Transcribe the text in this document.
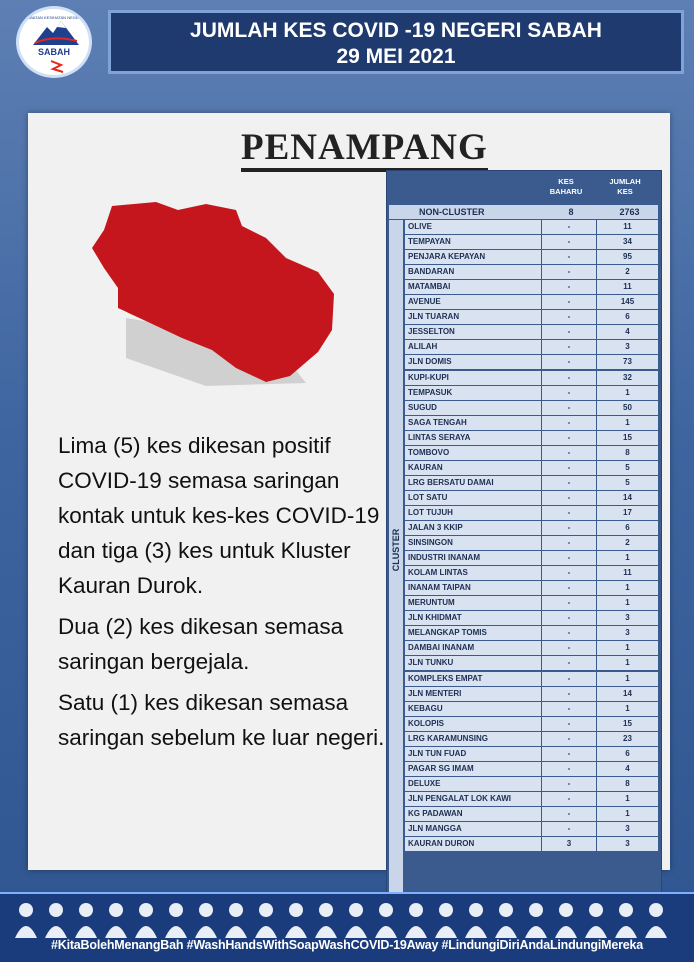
JABATAN KESIHATAN NEGERI
SABAH
JUMLAH KES COVID -19 NEGERI SABAH
29 MEI 2021
PENAMPANG

Lima (5) kes dikesan positif COVID-19 semasa saringan kontak untuk kes-kes COVID-19 dan tiga (3) kes untuk Kluster Kauran Durok.

Dua (2) kes dikesan semasa saringan bergejala.

Satu (1) kes dikesan semasa saringan sebelum ke luar negeri.

KES
BAHARU
JUMLAH
KES
NON-CLUSTER	8	2763
CLUSTER
OLIVE	-	11
TEMPAYAN	-	34
PENJARA KEPAYAN	-	95
BANDARAN	-	2
MATAMBAI	-	11
AVENUE	-	145
JLN TUARAN	-	6
JESSELTON	-	4
ALILAH	-	3
JLN DOMIS	-	73
KUPI-KUPI	-	32
TEMPASUK	-	1
SUGUD	-	50
SAGA TENGAH	-	1
LINTAS SERAYA	-	15
TOMBOVO	-	8
KAURAN	-	5
LRG BERSATU DAMAI	-	5
LOT SATU	-	14
LOT TUJUH	-	17
JALAN 3 KKIP	-	6
SINSINGON	-	2
INDUSTRI INANAM	-	1
KOLAM LINTAS	-	11
INANAM TAIPAN	-	1
MERUNTUM	-	1
JLN KHIDMAT	-	3
MELANGKAP TOMIS	-	3
DAMBAI INANAM	-	1
JLN TUNKU	-	1
KOMPLEKS EMPAT	-	1
JLN MENTERI	-	14
KEBAGU	-	1
KOLOPIS	-	15
LRG KARAMUNSING	-	23
JLN TUN FUAD	-	6
PAGAR SG IMAM	-	4
DELUXE	-	8
JLN PENGALAT LOK KAWI	-	1
KG PADAWAN	-	1
JLN MANGGA	-	3
KAURAN DURON	3	3
#KitaBolehMenangBah #WashHandsWithSoapWashCOVID-19Away #LindungiDiriAndaLindungiMereka
